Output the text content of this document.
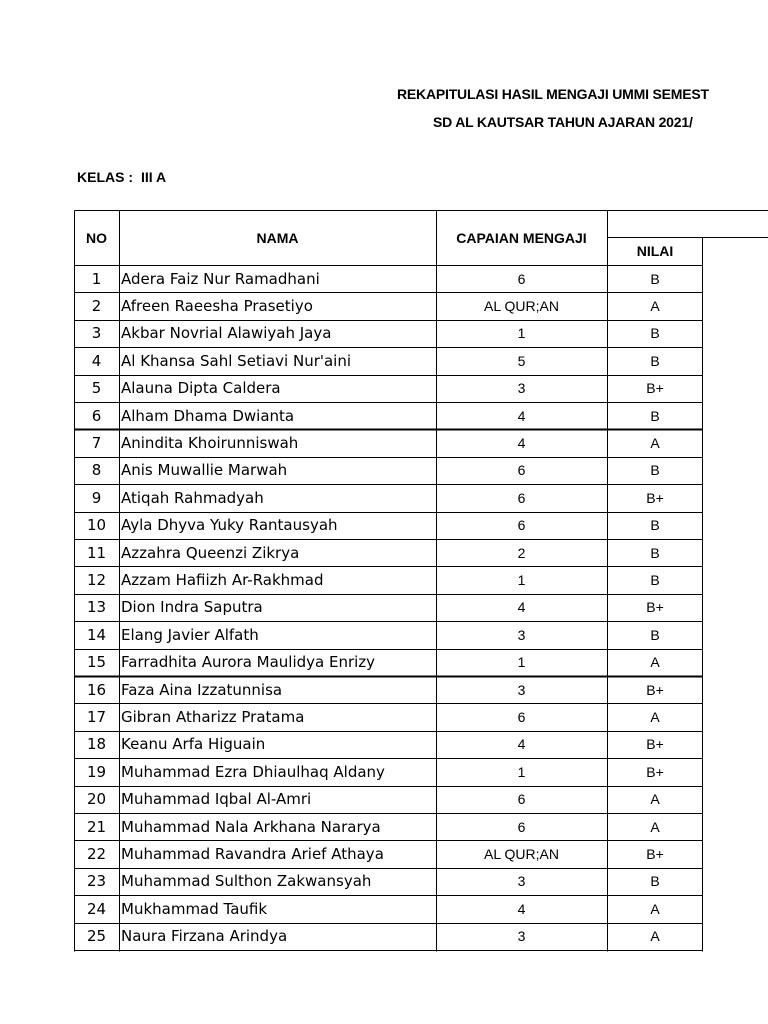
REKAPITULASI HASIL MENGAJI UMMI SEMEST
SD AL KAUTSAR TAHUN AJARAN 2021/
KELAS : III A
NO	NAMA	CAPAIAN MENGAJI
NILAI
1	Adera Faiz Nur Ramadhani	6	B
2	Afreen Raeesha Prasetiyo	AL QUR;AN	A
3	Akbar Novrial Alawiyah Jaya	1	B
4	Al Khansa Sahl Setiavi Nur'aini	5	B
5	Alauna Dipta Caldera	3	B+
6	Alham Dhama Dwianta	4	B
7	Anindita Khoirunniswah	4	A
8	Anis Muwallie Marwah	6	B
9	Atiqah Rahmadyah	6	B+
10 Ayla Dhyva Yuky Rantausyah	6	B
11 Azzahra Queenzi Zikrya	2	B
12 Azzam Hafiizh Ar-Rakhmad	1	B
13 Dion Indra Saputra	4	B+
14 Elang Javier Alfath	3	B
15 Farradhita Aurora Maulidya Enrizy	1	A
16 Faza Aina Izzatunnisa	3	B+
17 Gibran Atharizz Pratama	6	A
18 Keanu Arfa Higuain	4	B+
19 Muhammad Ezra Dhiaulhaq Aldany	1	B+
20 Muhammad Iqbal Al-Amri	6	A
21 Muhammad Nala Arkhana Nararya	6	A
22 Muhammad Ravandra Arief Athaya	AL QUR;AN	B+
23 Muhammad Sulthon Zakwansyah	3	B
24 Mukhammad Taufik	4	A
25 Naura Firzana Arindya	3	A
